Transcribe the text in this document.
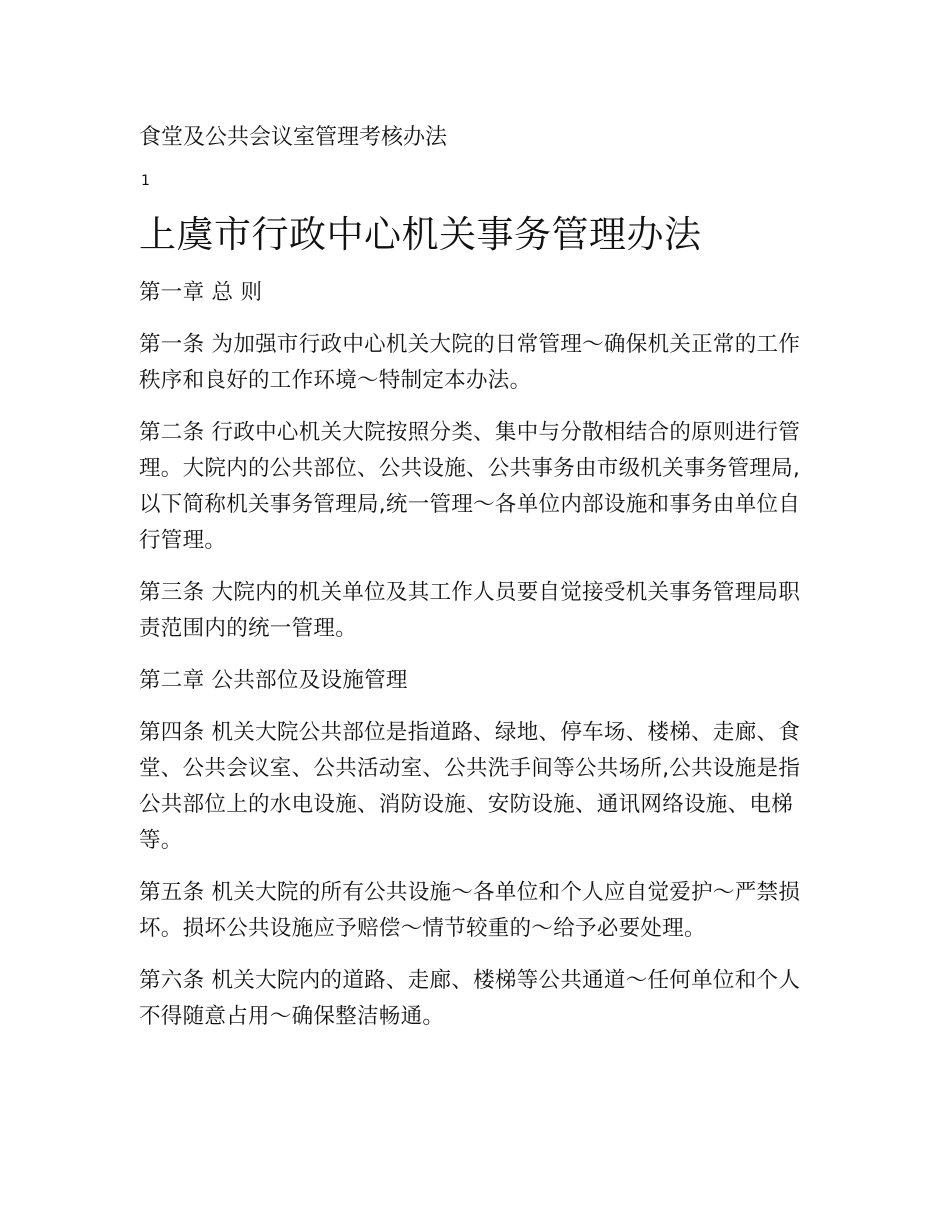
食堂及公共会议室管理考核办法

1

上虞市行政中心机关事务管理办法

第一章 总 则

第一条 为加强市行政中心机关大院的日常管理～确保机关正常的工作秩序和良好的工作环境～特制定本办法。

第二条 行政中心机关大院按照分类、集中与分散相结合的原则进行管理。大院内的公共部位、公共设施、公共事务由市级机关事务管理局,以下简称机关事务管理局,统一管理～各单位内部设施和事务由单位自行管理。

第三条 大院内的机关单位及其工作人员要自觉接受机关事务管理局职责范围内的统一管理。

第二章 公共部位及设施管理

第四条 机关大院公共部位是指道路、绿地、停车场、楼梯、走廊、食堂、公共会议室、公共活动室、公共洗手间等公共场所,公共设施是指公共部位上的水电设施、消防设施、安防设施、通讯网络设施、电梯等。

第五条 机关大院的所有公共设施～各单位和个人应自觉爱护～严禁损坏。损坏公共设施应予赔偿～情节较重的～给予必要处理。

第六条 机关大院内的道路、走廊、楼梯等公共通道～任何单位和个人不得随意占用～确保整洁畅通。
